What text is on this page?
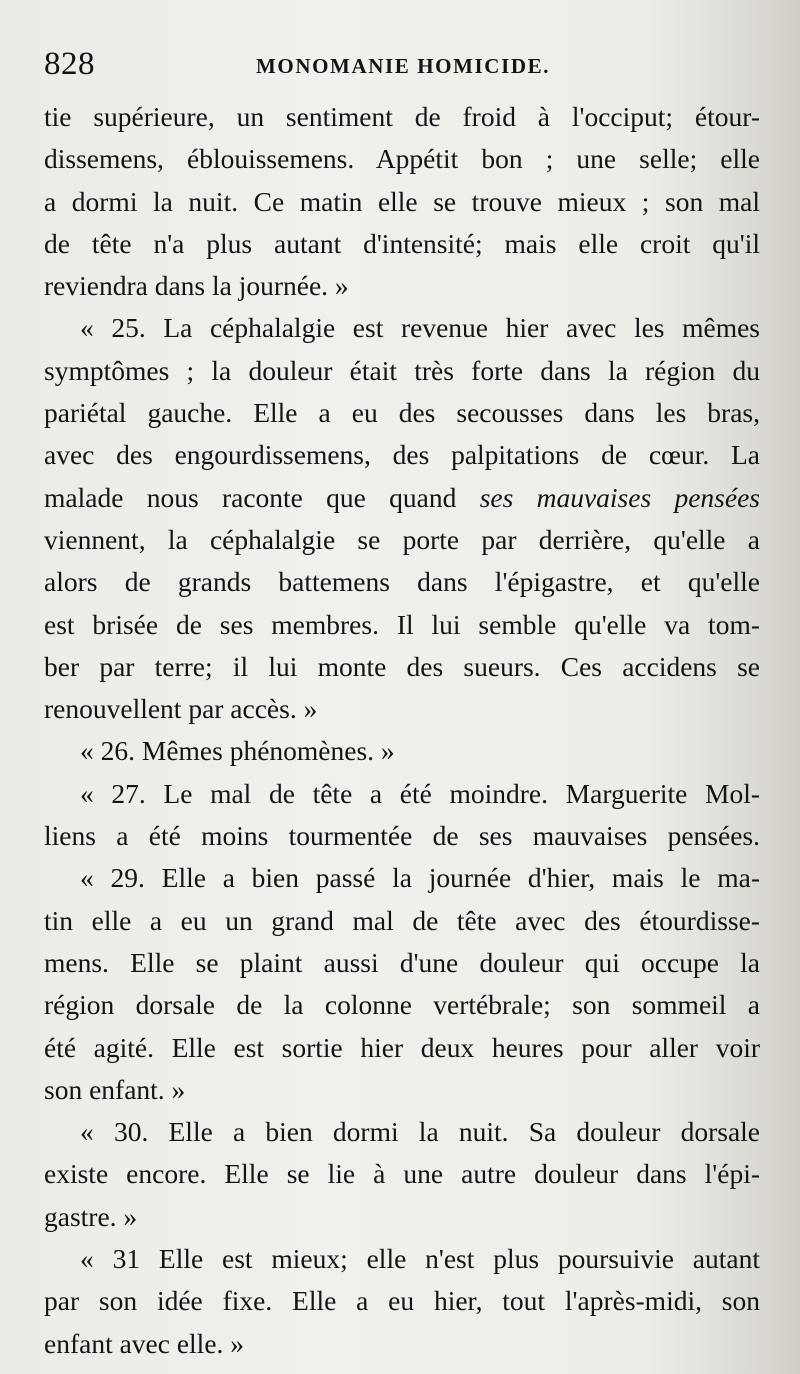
828	MONOMANIE HOMICIDE.
tie supérieure, un sentiment de froid à l'occiput; étour-
dissemens, éblouissemens. Appétit bon ; une selle; elle
a dormi la nuit. Ce matin elle se trouve mieux ; son mal
de tête n'a plus autant d'intensité; mais elle croit qu'il
reviendra dans la journée. »
« 25. La céphalalgie est revenue hier avec les mêmes
symptômes ; la douleur était très forte dans la région du
pariétal gauche. Elle a eu des secousses dans les bras,
avec des engourdissemens, des palpitations de cœur. La
malade nous raconte que quand ses mauvaises pensées
viennent, la céphalalgie se porte par derrière, qu'elle a
alors de grands battemens dans l'épigastre, et qu'elle
est brisée de ses membres. Il lui semble qu'elle va tom-
ber par terre; il lui monte des sueurs. Ces accidens se
renouvellent par accès. »
« 26. Mêmes phénomènes. »
« 27. Le mal de tête a été moindre. Marguerite Mol-
liens a été moins tourmentée de ses mauvaises pensées.
« 29. Elle a bien passé la journée d'hier, mais le ma-
tin elle a eu un grand mal de tête avec des étourdisse-
mens. Elle se plaint aussi d'une douleur qui occupe la
région dorsale de la colonne vertébrale; son sommeil a
été agité. Elle est sortie hier deux heures pour aller voir
son enfant. »
« 30. Elle a bien dormi la nuit. Sa douleur dorsale
existe encore. Elle se lie à une autre douleur dans l'épi-
gastre. »
« 31 Elle est mieux; elle n'est plus poursuivie autant
par son idée fixe. Elle a eu hier, tout l'après-midi, son
enfant avec elle. »
